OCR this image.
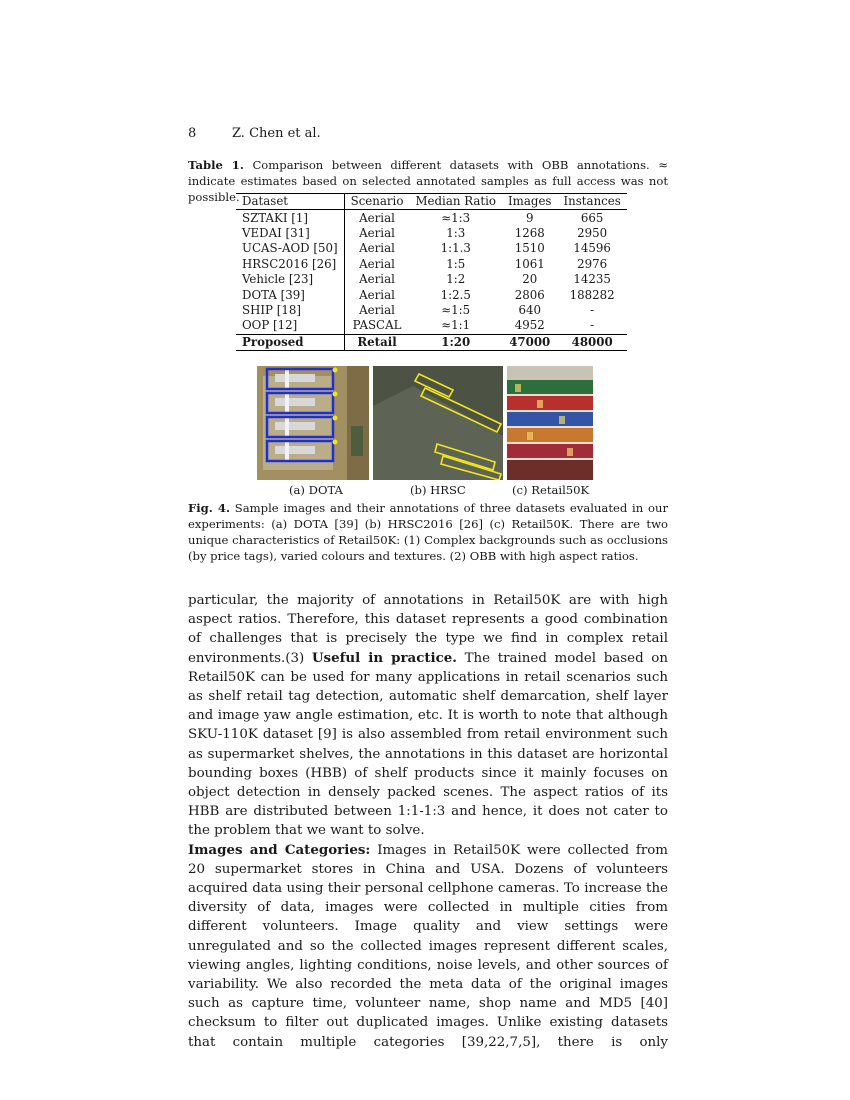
8	Z. Chen et al.
Table 1. Comparison between different datasets with OBB annotations. ≈ indicate estimates based on selected annotated samples as full access was not possible. Dataset	Scenario	Median Ratio	Images	Instances
SZTAKI [1]	Aerial	≈1:3	9	665
VEDAI [31]	Aerial	1:3	1268	2950
UCAS-AOD [50]	Aerial	1:1.3	1510	14596
HRSC2016 [26]	Aerial	1:5	1061	2976
Vehicle [23]	Aerial	1:2	20	14235
DOTA [39]	Aerial	1:2.5	2806	188282
SHIP [18]	Aerial	≈1:5	640	-
OOP [12]	PASCAL	≈1:1	4952	-
Proposed	Retail	1:20	47000	48000
(a) DOTA	(b) HRSC	(c) Retail50K
Fig. 4. Sample images and their annotations of three datasets evaluated in our experiments: (a) DOTA [39] (b) HRSC2016 [26] (c) Retail50K. There are two unique characteristics of Retail50K: (1) Complex backgrounds such as occlusions (by price tags), varied colours and textures. (2) OBB with high aspect ratios.

particular, the majority of annotations in Retail50K are with high aspect ratios. Therefore, this dataset represents a good combination of challenges that is precisely the type we find in complex retail environments.(3) Useful in practice. The trained model based on Retail50K can be used for many applications in retail scenarios such as shelf retail tag detection, automatic shelf demarcation, shelf layer and image yaw angle estimation, etc. It is worth to note that although SKU-110K dataset [9] is also assembled from retail environment such as supermarket shelves, the annotations in this dataset are horizontal bounding boxes (HBB) of shelf products since it mainly focuses on object detection in densely packed scenes. The aspect ratios of its HBB are distributed between 1:1-1:3 and hence, it does not cater to the problem that we want to solve.

Images and Categories: Images in Retail50K were collected from 20 supermarket stores in China and USA. Dozens of volunteers acquired data using their personal cellphone cameras. To increase the diversity of data, images were collected in multiple cities from different volunteers. Image quality and view settings were unregulated and so the collected images represent different scales, viewing angles, lighting conditions, noise levels, and other sources of variability. We also recorded the meta data of the original images such as capture time, volunteer name, shop name and MD5 [40] checksum to filter out duplicated images. Unlike existing datasets that contain multiple categories [39,22,7,5], there is only
